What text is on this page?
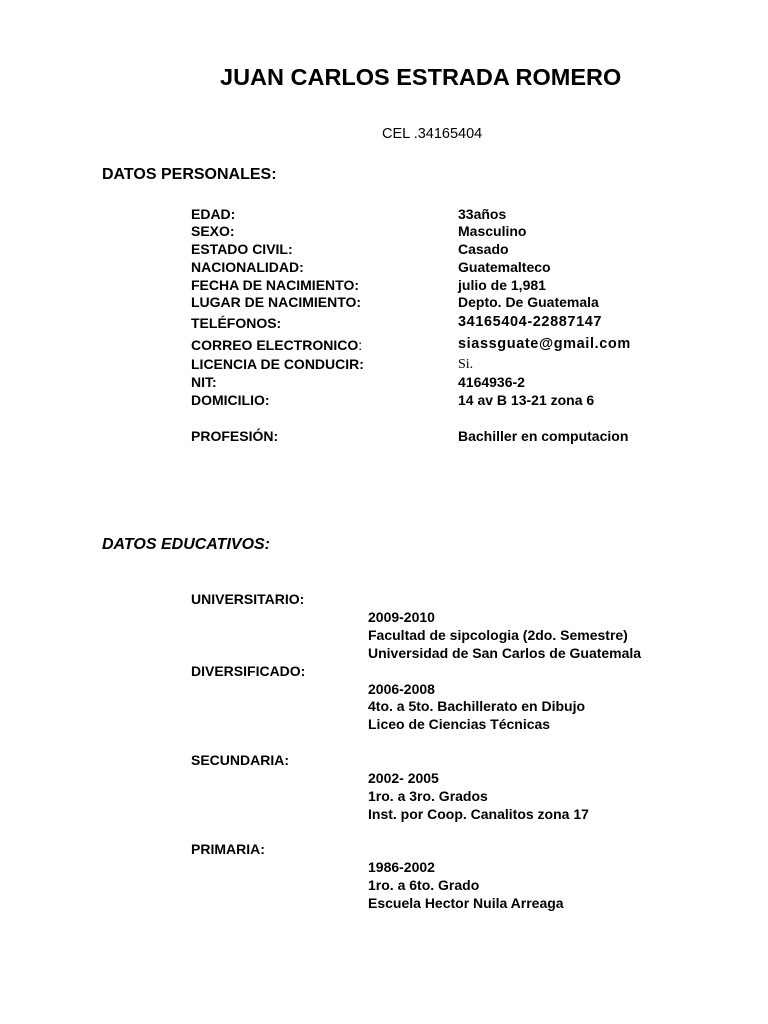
JUAN CARLOS ESTRADA ROMERO
CEL .34165404
DATOS PERSONALES:
EDAD:	33años
SEXO:	Masculino
ESTADO CIVIL:	Casado
NACIONALIDAD:	Guatemalteco
FECHA DE NACIMIENTO:	julio de 1,981
LUGAR DE NACIMIENTO:	Depto. De Guatemala
TELÉFONOS:	34165404-22887147
CORREO ELECTRONICO:	siassguate@gmail.com
LICENCIA DE CONDUCIR:	Si.
NIT:	4164936-2
DOMICILIO:	14 av B 13-21 zona 6
PROFESIÓN:	Bachiller en computacion
DATOS EDUCATIVOS:
UNIVERSITARIO:
2009-2010
Facultad de sipcologia (2do. Semestre)
Universidad de San Carlos de Guatemala
DIVERSIFICADO:
2006-2008
4to. a 5to. Bachillerato en Dibujo
Liceo de Ciencias Técnicas
SECUNDARIA:
2002- 2005
1ro. a 3ro. Grados
Inst. por Coop. Canalitos zona 17
PRIMARIA:
1986-2002
1ro. a 6to. Grado
Escuela Hector Nuila Arreaga
